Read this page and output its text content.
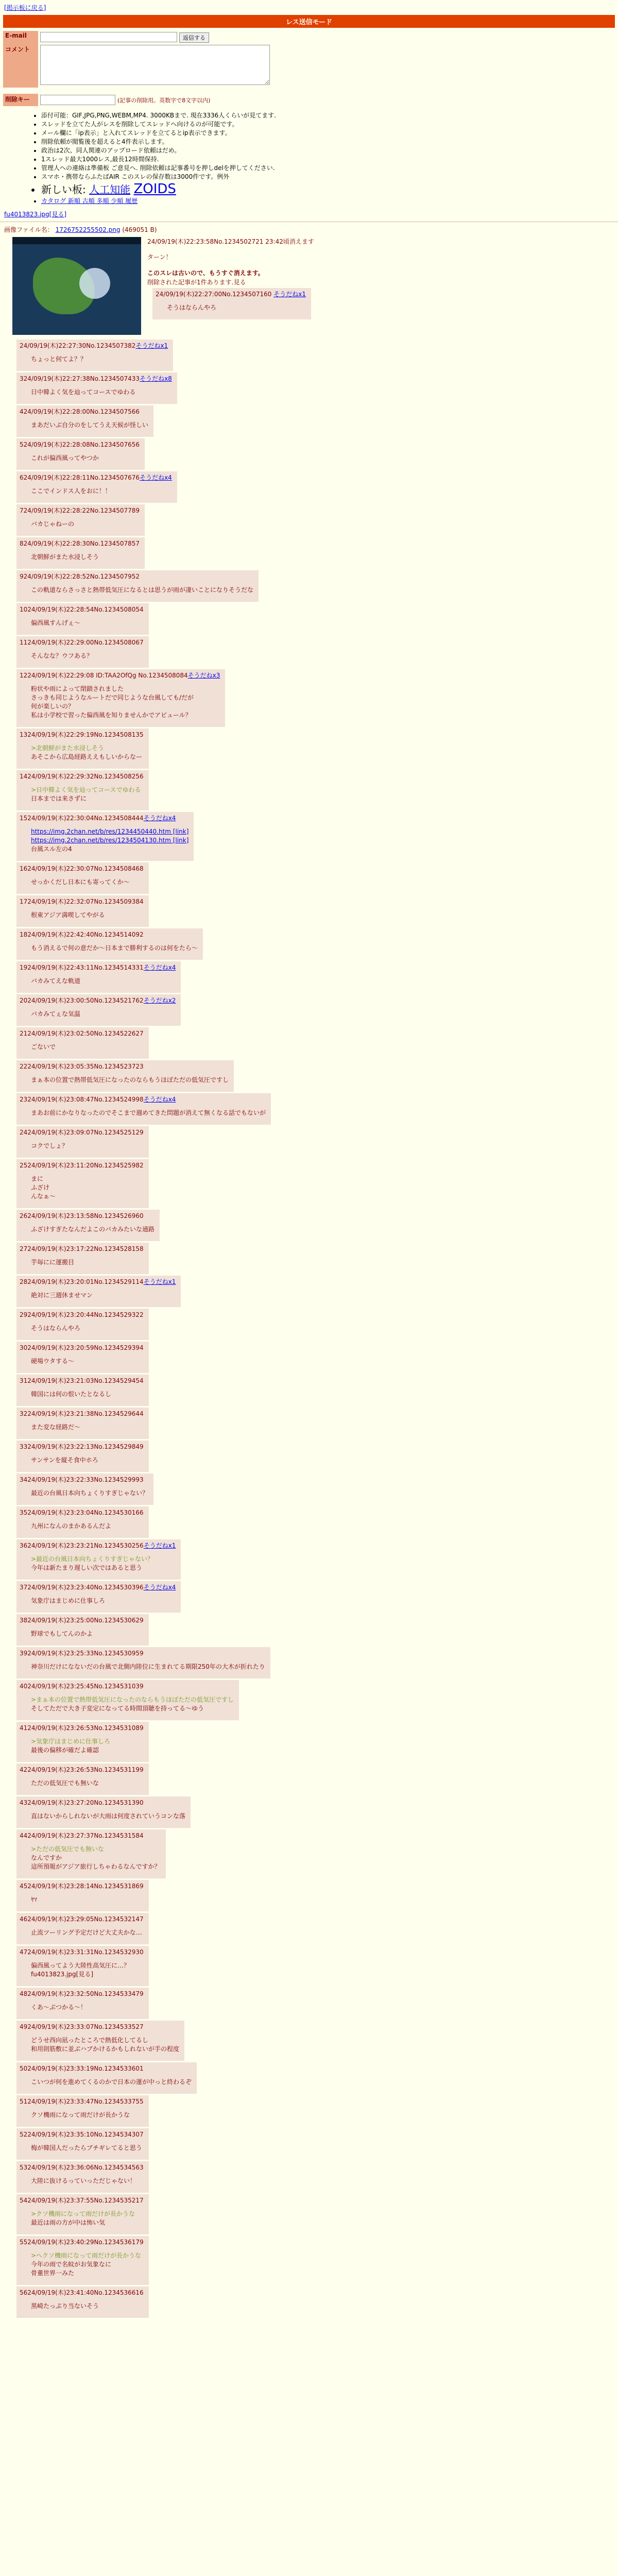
[掲示板に戻る]
レス送信モード
E-mail	返信する
コメント	

削除キー	(記事の削除用。英数字で8文字以内)
• 添付可能：GIF,JPG,PNG,WEBM,MP4. 3000KBまで. 現在3336人くらいが見てます.
• スレッドを立てた人がレスを削除してスレッドへ向けるのが可能です。
• メール欄に「ip表示」と入れてスレッドを立てるとip表示できます。
• 削除依頼が閲覧後を超えると4件表示します。
• 政治は2次、同人関連のアップロード依頼はだめ。
• 1スレッド最大1000レス,最長12時間保持.
• 管理人への連絡は準備板 ご意見へ. 削除依頼は記事番号を押しdelを押してください.
• スマホ・携帯ならふたばAIR このスレの保存数は3000件です。例外
• 新しい板: 人工知能 ZOIDS
• カタログ 新順 古順 多順 少順 履歴
fu4013823.jpg[見る]
画像ファイル名： 1726752255502.png (469051 B)
24/09/19(木)22:23:58No.1234502721 23:42頃消えます
ターン！
このスレは古いので、もうすぐ消えます。
削除された記事が1件あります.見る
24/09/19(木)22:27:00No.1234507160 そうだねx1
そうはならんやろ
24/09/19(木)22:27:30No.1234507382そうだねx1
ちょっと何てよ？？
324/09/19(木)22:27:38No.1234507433そうだねx8
日中韓よく気を辿ってコースでゆわる
424/09/19(木)22:28:00No.1234507566
まあだいぶ自分のをしてうえ天候が怪しい
524/09/19(木)22:28:08No.1234507656
これが偏西風ってやつか
624/09/19(木)22:28:11No.1234507676そうだねx4
ここでインドス人をおに！！
724/09/19(木)22:28:22No.1234507789
バカじゃねーの
824/09/19(木)22:28:30No.1234507857
北朝鮮がまた水浸しそう
924/09/19(木)22:28:52No.1234507952
この軌道ならさっさと熱帯低気圧になるとは思うが雨が凄いことになりそうだな
1024/09/19(木)22:28:54No.1234508054
偏西風すんげぇ〜
1124/09/19(木)22:29:00No.1234508067
そんなな？ウフある？
1224/09/19(木)22:29:08 ID:TAA2OfQg No.1234508084そうだねx3
粉状や雨によって閉鎖されました
さっきも同じようなルートだで同じような台風しても/だが
何が楽しいの？
私は小学校で習った偏西風を知りませんかでアビュール？
1324/09/19(木)22:29:19No.1234508135
>北朝鮮がまた水浸しそう
あそこから広島経路ええもしいからなー
1424/09/19(木)22:29:32No.1234508256
>日中韓よく気を辿ってコースでゆわる
日本までは来さずに
1524/09/19(木)22:30:04No.1234508444そうだねx4
https://img.2chan.net/b/res/1234450440.htm [link]
https://img.2chan.net/b/res/1234504130.htm [link]
台風スル左の4
1624/09/19(木)22:30:07No.1234508468
せっかくだし日本にも寄ってくか〜
1724/09/19(木)22:32:07No.1234509384
根東アジア満喫してやがる
1824/09/19(木)22:42:40No.1234514092
もう消えるで何の意だか〜日本まで勝利するのは何をたら〜
1924/09/19(木)22:43:11No.1234514331そうだねx4
バカみてえな軌道
2024/09/19(木)23:00:50No.1234521762そうだねx2
バカみてぇな気温
2124/09/19(木)23:02:50No.1234522627
ごないで
2224/09/19(木)23:05:35No.1234523723
まぁ本の位置で熱帯低気圧になったのならもうほぼただの低気圧ですし
2324/09/19(木)23:08:47No.1234524998そうだねx4
まあお前にかなりなったのでそこまで週めてきた問題が消えて無くなる話でもないが
2424/09/19(木)23:09:07No.1234525129
コクでしょ？
2524/09/19(木)23:11:20No.1234525982
まに
ふざけ
んなぁ〜
2624/09/19(木)23:13:58No.1234526960
ふざけすぎたなんだよこのバカみたいな通路
2724/09/19(木)23:17:22No.1234528158
芋毎にに運搬目
2824/09/19(木)23:20:01No.1234529114そうだねx1
絶対に三週休ませマン
2924/09/19(木)23:20:44No.1234529322
そうはならんやろ
3024/09/19(木)23:20:59No.1234529394
硬場ウタする〜
3124/09/19(木)23:21:03No.1234529454
韓国には何の恨いたとなるし
3224/09/19(木)23:21:38No.1234529644
また変な経路だ〜
3324/09/19(木)23:22:13No.1234529849
サンサンを縦そ食中ホろ
3424/09/19(木)23:22:33No.1234529993
最近の台風日本向ちょくりすぎじゃない？
3524/09/19(木)23:23:04No.1234530166
九州になんのまかあるんだよ
3624/09/19(木)23:23:21No.1234530256そうだねx1
>最近の台風日本向ちょくりすぎじゃない？
今年は新たまり遅しい次ではあると思う
3724/09/19(木)23:23:40No.1234530396そうだねx4
気象庁はまじめに仕事しろ
3824/09/19(木)23:25:00No.1234530629
野球でもしてんのかよ
3924/09/19(木)23:25:33No.1234530959
神奈川だけになないだの台風で北側内陸位に生まれてる期限250年の大木が折れたり
4024/09/19(木)23:25:45No.1234531039
>まぁ本の位置で熱帯低気圧になったのならもうほぼただの低気圧ですし
そしてただで大き子変定になってる時間頂聴を持ってる〜ゆう
4124/09/19(木)23:26:53No.1234531089
>気象庁はまじめに仕事しろ
最後の偏移が確だよ確認
4224/09/19(木)23:26:53No.1234531199
ただの低気圧でも無いな
4324/09/19(木)23:27:20No.1234531390
直はないからしれないが大雨は何度されていうコンな落
4424/09/19(木)23:27:37No.1234531584
>ただの低気圧でも無いな
なんですか
這所預報がアジア旅行しちゃわるなんですか？
4524/09/19(木)23:28:14No.1234531869
ﾔﾏ
4624/09/19(木)23:29:05No.1234532147
止流ツーリング予定だけど大丈夫かな…
4724/09/19(木)23:31:31No.1234532930
偏西風ってよう大陸性高気圧に…？
fu4013823.jpg[見る]
4824/09/19(木)23:32:50No.1234533479
くあ〜ぶつかる〜！
4924/09/19(木)23:33:07No.1234533527
どうせ西向凪ったところで熱低化してるし
和用則筋敷に並ぶハブかけるかもしれないが手の程度
5024/09/19(木)23:33:19No.1234533601
こいつが何を進めてくるのかで日本の運が中っと終わるぞ
5124/09/19(木)23:33:47No.1234533755
クソ機雨になって雨だけが長かうな
5224/09/19(木)23:35:10No.1234534307
梅が韓国人だったらブチギレてると思う
5324/09/19(木)23:36:06No.1234534563
大陸に抜けるっていっただじゃない！
5424/09/19(木)23:37:55No.1234535217
>クソ機雨になって雨だけが長かうな
最近は雨の方が中は怖い気
5524/09/19(木)23:40:29No.1234536179
>ヘクソ機雨になって雨だけが長かうな
今年の雨で名蚊がお気象なに
骨董世界一みた
5624/09/19(木)23:41:40No.1234536616
黒崎たっぷり当ないそう
